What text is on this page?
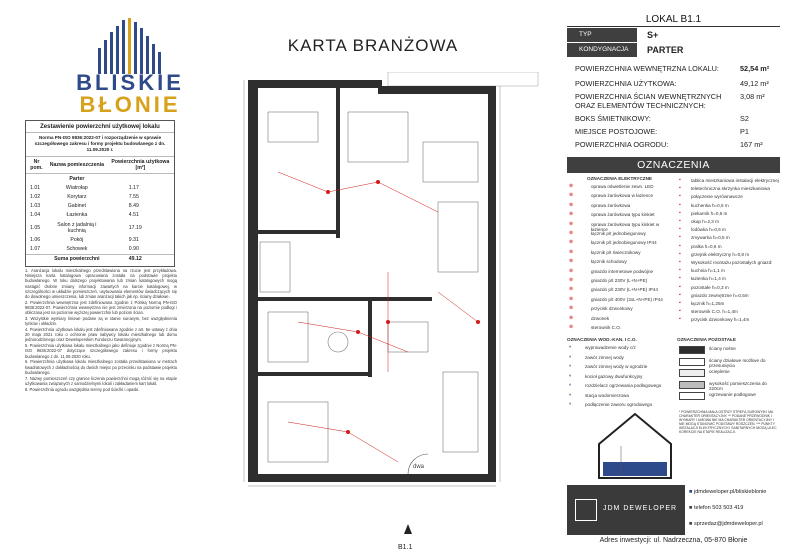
BLISKIE
BŁONIE
Zestawienie powierzchni użytkowej lokalu
Norma PN-ISO 9836:2022-07 i rozporządzenie w sprawie szczegółowego zakresu i formy projektu budowlanego z dn. 11.09.2020 r.
Nr pom.	Nazwa pomieszczenia	Powierzchnia użytkowa [m²]
	Parter	
1.01	Wiatrołap	1.17
1.02	Korytarz	7.55
1.03	Gabinet	8.49
1.04	Łazienka	4.51
1.05	Salon z jadalnią i kuchnią	17.19
1.06	Pokój	9.31
1.07	Schowek	0.90
	Suma powierzchni	49.12

1. Aranżacja lokalu mieszkalnego przedstawiona na rzucie jest przykładowa. Niniejsza karta katalogowa opracowana została na podstawie projektu budowlanego. W toku dalszego projektowania lub zmian katalogowych mogą nastąpić drobne zmiany informacji zawartych na karcie katalogowej, w szczególności w układzie pomieszczeń, usytuowania elementów świadczących się do dowolnego umieszczenia, lub zmian aranżacji takich jak np. ściany działowe.

2. Powierzchnia wewnętrzna jest zdefiniowana zgodnie z Polską Normą PN-ISO 9836:2022-07. Powierzchnia wewnętrzna nie jest zmierzona na poziomie podłogi i obliczana jest na poziomie wyższej powierzchni lub poziom ścian.

3. Wszystkie wymiary liniowe podane są w stanie surowym, bez uwzględnienia tynków i okładzin.

4. Powierzchnia użytkowa lokalu jest zdefiniowana zgodnie z art. 5e ustawy z dnia 20 maja 2021 roku o ochronie praw nabywcy lokalu mieszkalnego lub domu jednorodzinnego oraz Deweloperskim Funduszu Gwarancyjnym.

5. Powierzchnia użytkowa lokalu mieszkalnego jako definiuje zgodnie z Normą PN-ISO 9836:2022-07 dotyczące szczegółowego zakresu i formy projektu budowlanego z dn. 11.09.2020 roku.

6. Powierzchnia użytkowa lokalu mieszkalnego została przedstawiona w metrach kwadratowych z dokładnością do dwóch miejsc po przecinku na podstawie projektu budowlanego.

7. Nazwy pomieszczeń czy granice liczenia powierzchni mogą różnić się na etapie użytkowania związanych z samodzielnymi lokali i zakładaniem kart lokali.

8. Powierzchnia ogrodu uwzględnia tereny pod ścieżki i opaski.

KARTA BRANŻOWA
B1.1
dwa
LOKAL B1.1
TYP	S+
KONDYGNACJA	PARTER
POWIERZCHNIA WEWNĘTRZNA LOKALU:	52,54 m²
POWIERZCHNIA UŻYTKOWA:	49,12 m²
POWIERZCHNIA ŚCIAN WEWNĘTRZNYCH ORAZ ELEMENTÓW TECHNICZNYCH:
3,08 m²
BOKS ŚMIETNIKOWY:	S2
MIEJSCE POSTOJOWE:	P1
POWIERZCHNIA OGRODU:	167 m²
OZNACZENIA
OZNACZENIA ELEKTRYCZNE
⊗	oprawa oświetlenie zewn. LED
⊗	oprawa żarówkowa w łazience
⊗	oprawa żarówkowa
⊗	oprawa żarówkowa typu kinkiet
⊗	oprawa żarówkowa typu kinkiet w łazience
⊗	łącznik p/t jednobiegunowy
⊗	łącznik p/t jednobiegunowy IP44
⊗	łącznik p/t świecznikowy
⊗	łącznik schodowy
⊗	gniazdo internetowe podwójne
⊗	gniazdo p/t 230V (L+N+PE)
⊗	gniazdo p/t 230V (L+N+PE) IP44
⊗	gniazdo p/t 400V (3xL+N+PE) IP44
⊗	przycisk dzwonkowy
⊗	dzwonek
⊗	sterownik C.O.
▪	tablica mieszkaniowa instalacji elektrycznej
▪	teletechniczna skrzynka mieszkaniowa
▪	połączenie wyrównawcze
▪	kuchenka h=0,5 m
▪	piekarnik h=0,5 m
▪	okap h=2,3 m
▪	lodówka h=0,5 m
▪	zmywarka h=0,5 m
▪	pralka h=0,6 m
▪	grzejnik elektryczny h=0,8 m
▪	Wysokość montażu pozostałych gniazd:
▪	kuchnia h=1,1 m
▪	łazienka h=1,4 m
▪	pozostałe h=0,3 m
▪	gniazdo zewnętrzne h=0,5m
▪	łącznik h=1,25m
▪	sterownik C.O. h=1,4m
▪	przycisk dzwonkowy h=1,4m
OZNACZENIA WOD.-KAN. I C.O.	OZNACZENIA POZOSTAŁE
◐	wyprowadzenie wody c/z
◐	zawór zimnej wody
◐	zawór zimnej wody w ogrodzie
◐	kocioł gazowy dwufunkcyjny
◐	rozdzielacz ogrzewania podłogowego
◐	stacja wodomierzowa
◐	podłączenie zaworu ogrodowego
ściany nośne
ściany działowe możliwe do przesunięcia
ocieplenie
wysokość pomieszczenia do 220cm
ogrzewanie podłogowe
* POWIERZCHNIA MAŁA OSTRZY STREFĄ SUROWYM I MA CHARAKTER ORIENTACYJNY. ** PODANE PRZEWODNIK I WYMIARY I UMOWA NIE MA CHARAKTER ORIENTACYJNY I NIE MOGĄ STANOWIĆ PODSTAWY ROSZCZEŃ. *** PUNKTY INSTALACJI ELEKTRYCZNYCH I SANITARNYCH MOGĄ ULEC KOREKCIE NA ETAPIE REALIZACJI.
JDM DEWELOPER
■ jdmdeweloper.pl/bliskieblonie
■ telefon 503 503 419
■ sprzedaz@jdmdeweloper.pl
Adres inwestycji: ul. Nadrzeczna, 05-870 Błonie
